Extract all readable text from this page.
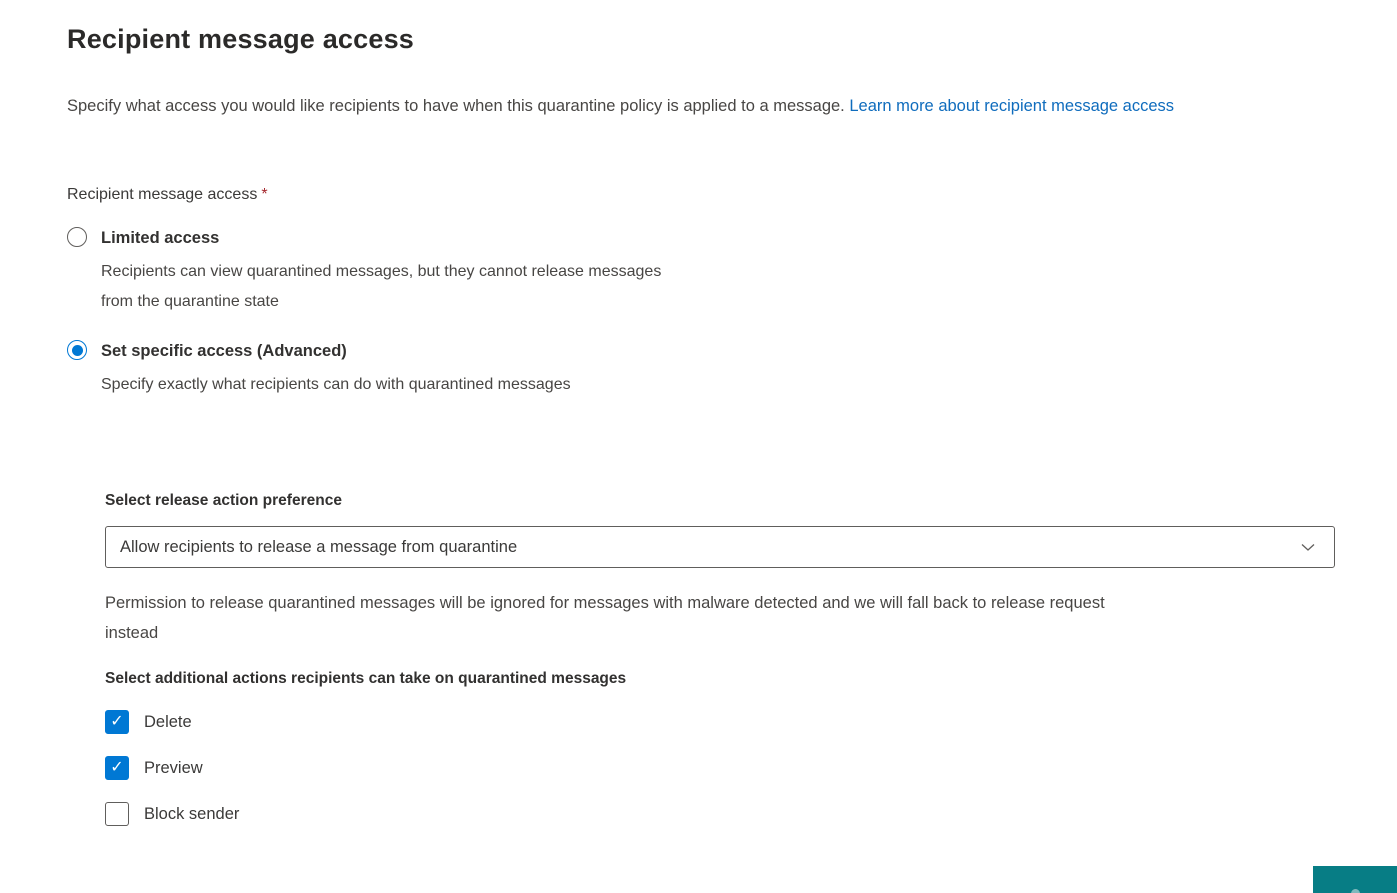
Recipient message access

Specify what access you would like recipients to have when this quarantine policy is applied to a message. Learn more about recipient message access

Recipient message access *
Limited access
Recipients can view quarantined messages, but they cannot release messages from the quarantine state
Set specific access (Advanced)
Specify exactly what recipients can do with quarantined messages
Select release action preference
Allow recipients to release a message from quarantine

Permission to release quarantined messages will be ignored for messages with malware detected and we will fall back to release request instead

Select additional actions recipients can take on quarantined messages
✓
Delete
✓
Preview
Block sender
